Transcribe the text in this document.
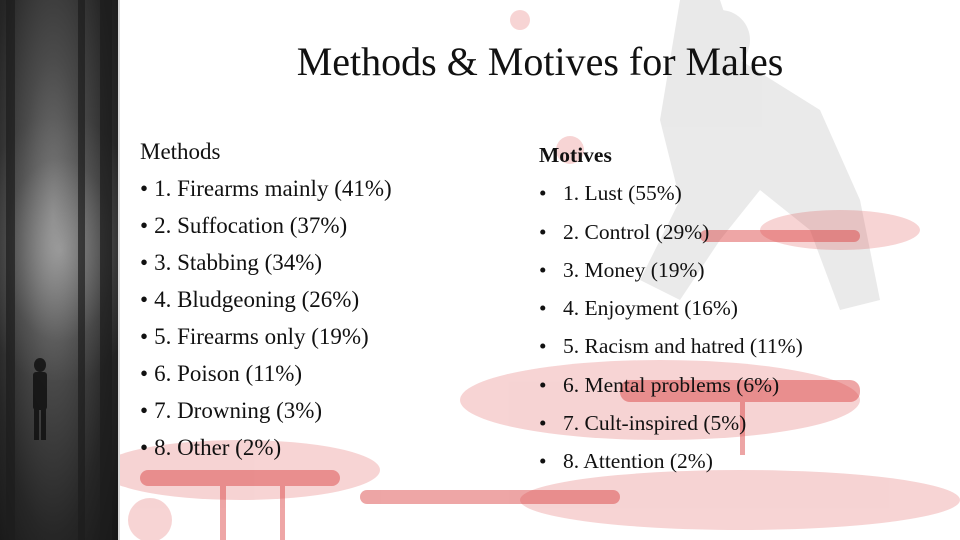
Methods & Motives for Males
Methods
• 1. Firearms mainly (41%)
• 2. Suffocation (37%)
• 3. Stabbing (34%)
• 4. Bludgeoning (26%)
• 5. Firearms only (19%)
• 6. Poison (11%)
• 7. Drowning (3%)
• 8. Other (2%)
Motives
• 1. Lust (55%)
• 2. Control (29%)
• 3. Money (19%)
• 4. Enjoyment (16%)
• 5. Racism and hatred (11%)
• 6. Mental problems (6%)
• 7. Cult-inspired (5%)
• 8. Attention (2%)
